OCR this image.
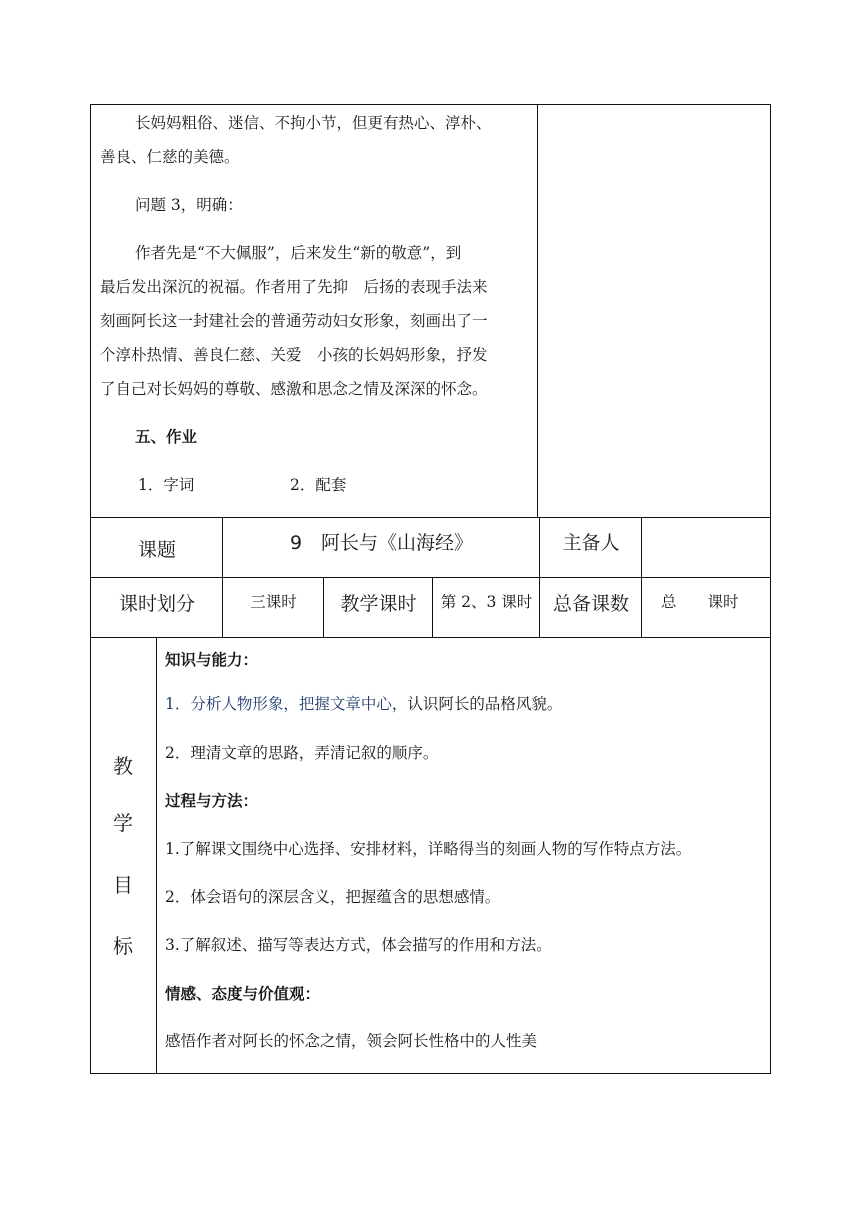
长妈妈粗俗、迷信、不拘小节，但更有热心、淳朴、
善良、仁慈的美德。
问题 3，明确：
作者先是“不大佩服”，后来发生“新的敬意”，到
最后发出深沉的祝福。作者用了先抑　后扬的表现手法来
刻画阿长这一封建社会的普通劳动妇女形象，刻画出了一
个淳朴热情、善良仁慈、关爱　小孩的长妈妈形象，抒发
了自己对长妈妈的尊敬、感激和思念之情及深深的怀念。
五、作业
1．字词	2．配套
课题	9　阿长与《山海经》	主备人
课时划分	三课时	教学课时	第 2、3 课时	总备课数	总　　课时
教
学
目
标
知识与能力：
1．分析人物形象，把握文章中心，认识阿长的品格风貌。
2．理清文章的思路，弄清记叙的顺序。
过程与方法：
1.了解课文围绕中心选择、安排材料，详略得当的刻画人物的写作特点方法。
2．体会语句的深层含义，把握蕴含的思想感情。
3.了解叙述、描写等表达方式，体会描写的作用和方法。
情感、态度与价值观：
感悟作者对阿长的怀念之情，领会阿长性格中的人性美
